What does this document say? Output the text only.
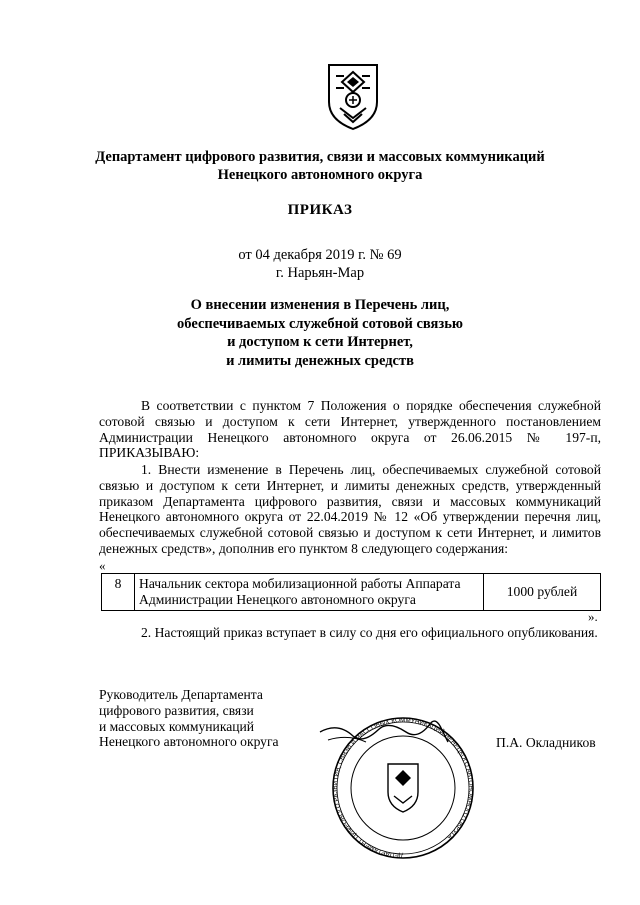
Департамент цифрового развития, связи и массовых коммуникаций
Ненецкого автономного округа
ПРИКАЗ
от 04 декабря 2019 г. № 69
г. Нарьян-Мар
О внесении изменения в Перечень лиц,
обеспечиваемых служебной сотовой связью
и доступом к сети Интернет,
и лимиты денежных средств
В соответствии с пунктом 7 Положения о порядке обеспечения служебной сотовой связью и доступом к сети Интернет, утвержденного постановлением Администрации Ненецкого автономного округа от 26.06.2015 № 197-п, ПРИКАЗЫВАЮ:
1. Внести изменение в Перечень лиц, обеспечиваемых служебной сотовой связью и доступом к сети Интернет, и лимиты денежных средств, утвержденный приказом Департамента цифрового развития, связи и массовых коммуникаций Ненецкого автономного округа от 22.04.2019 № 12 «Об утверждении перечня лиц, обеспечиваемых служебной сотовой связью и доступом к сети Интернет, и лимитов денежных средств», дополнив его пунктом 8 следующего содержания:
«
8	Начальник сектора мобилизационной работы Аппарата Администрации Ненецкого автономного округа	1000 рублей
».
2. Настоящий приказ вступает в силу со дня его официального опубликования.
Руководитель Департамента
цифрового развития, связи
и массовых коммуникаций
Ненецкого автономного округа
ДЕПАРТАМЕНТ ЦИФРОВОГО РАЗВИТИЯ, СВЯЗИ И МАССОВЫХ КОММУНИКАЦИЙ НЕНЕЦКОГО АВТОНОМНОГО ОКРУГА
П.А. Окладников
